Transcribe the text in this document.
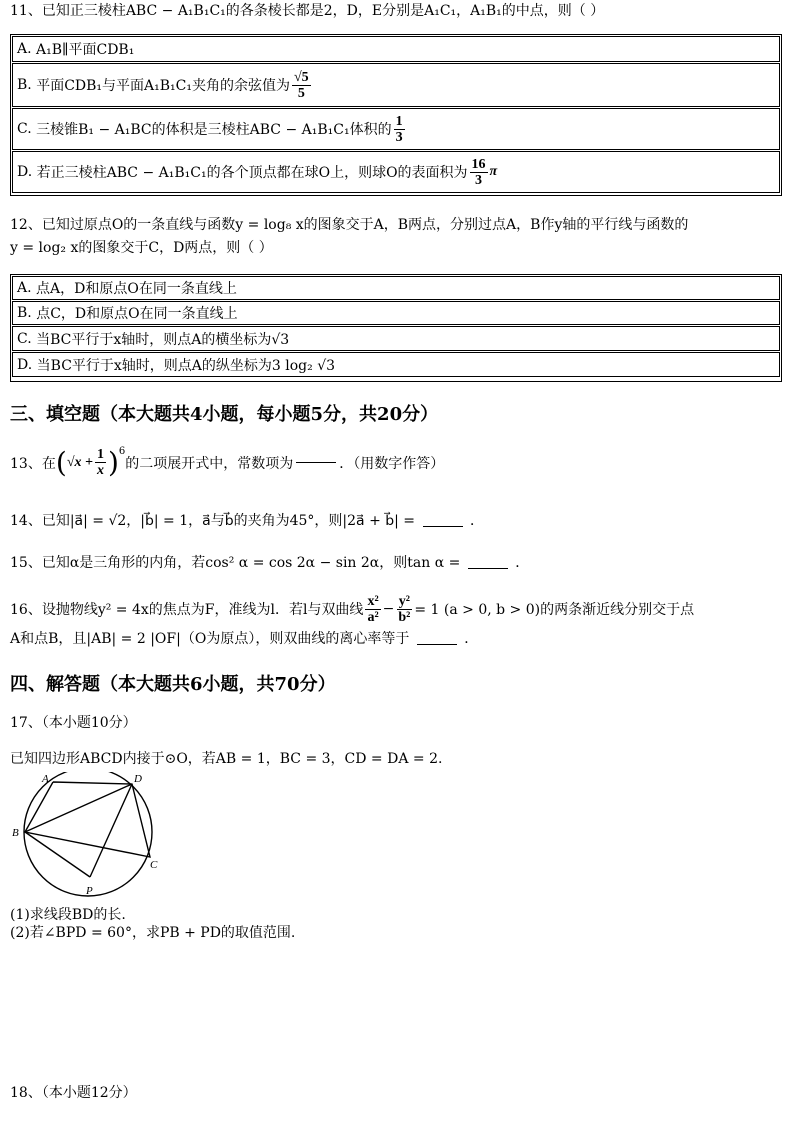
11、已知正三棱柱ABC − A₁B₁C₁的各条棱长都是2，D，E分别是A₁C₁，A₁B₁的中点，则（ ）
A.
A₁B∥平面CDB₁
B.
平面CDB₁与平面A₁B₁C₁夹角的余弦值为 $\frac{√5}{5}$
C.
三棱锥B₁ − A₁BC的体积是三棱柱ABC − A₁B₁C₁体积的 $\frac{1}{3}$
D.
若正三棱柱ABC − A₁B₁C₁的各个顶点都在球O上，则球O的表面积为 $\frac{16}{3}$ π
12、已知过原点O的一条直线与函数y = log₈ x的图象交于A，B两点，分别过点A，B作y轴的平行线与函数的
y = log₂ x的图象交于C，D两点，则（ ）
A.
点A，D和原点O在同一条直线上
B.
点C，D和原点O在同一条直线上
C.
当BC平行于x轴时，则点A的横坐标为√3
D.
当BC平行于x轴时，则点A的纵坐标为3 log₂ √3
三、填空题（本大题共4小题，每小题5分，共20分）
13、在 ( $√x + \frac{1}{x}$ ) 6
的二项展开式中，常数项为	．（用数字作答）
14、已知|a⃗| = √2，|b⃗| = 1，a⃗与b⃗的夹角为45°，则|2a⃗ + b⃗| =	．
15、已知α是三角形的内角，若cos² α = cos 2α − sin 2α，则tan α =	．
16、设抛物线y² = 4x的焦点为F，准线为l．若l与双曲线 $\frac{\text{x²}}{\text{a²}} - \frac{\text{y²}}{\text{b²}} = 1$ (a > 0, b > 0)的两条渐近线分别交于点
A和点B，且|AB| = 2 |OF|（O为原点），则双曲线的离心率等于	．
四、解答题（本大题共6小题，共70分）
17、（本小题10分）
已知四边形ABCD内接于⊙O，若AB = 1，BC = 3，CD = DA = 2.
A	D
B
C
P
(1)求线段BD的长.
(2)若∠BPD = 60°，求PB + PD的取值范围.
18、（本小题12分）
